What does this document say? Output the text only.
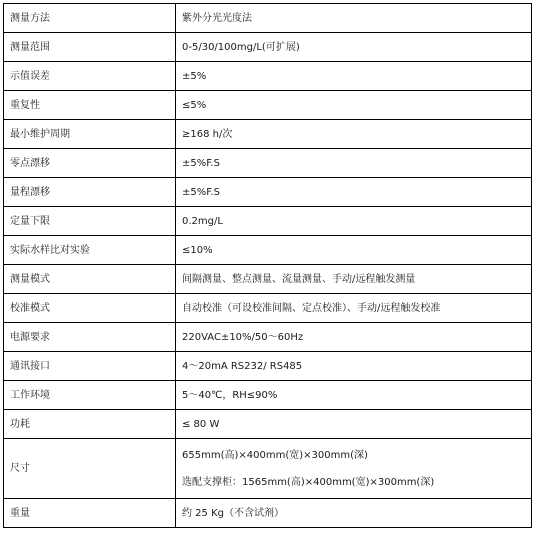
测量方法	紫外分光光度法
测量范围	0-5/30/100mg/L(可扩展)
示值误差	±5%
重复性	≤5%
最小维护周期	≥168 h/次
零点漂移	±5%F.S
量程漂移	±5%F.S
定量下限	0.2mg/L
实际水样比对实验	≤10%
测量模式	间隔测量、整点测量、流量测量、手动/远程触发测量
校准模式	自动校准（可设校准间隔、定点校准）、手动/远程触发校准
电源要求	220VAC±10%/50～60Hz
通讯接口	4～20mA RS232/ RS485
工作环境	5～40℃，RH≤90%
功耗	≤ 80 W
尺寸	655mm(高)×400mm(宽)×300mm(深)
选配支撑柜：1565mm(高)×400mm(宽)×300mm(深)

重量	约 25 Kg（不含试剂）
